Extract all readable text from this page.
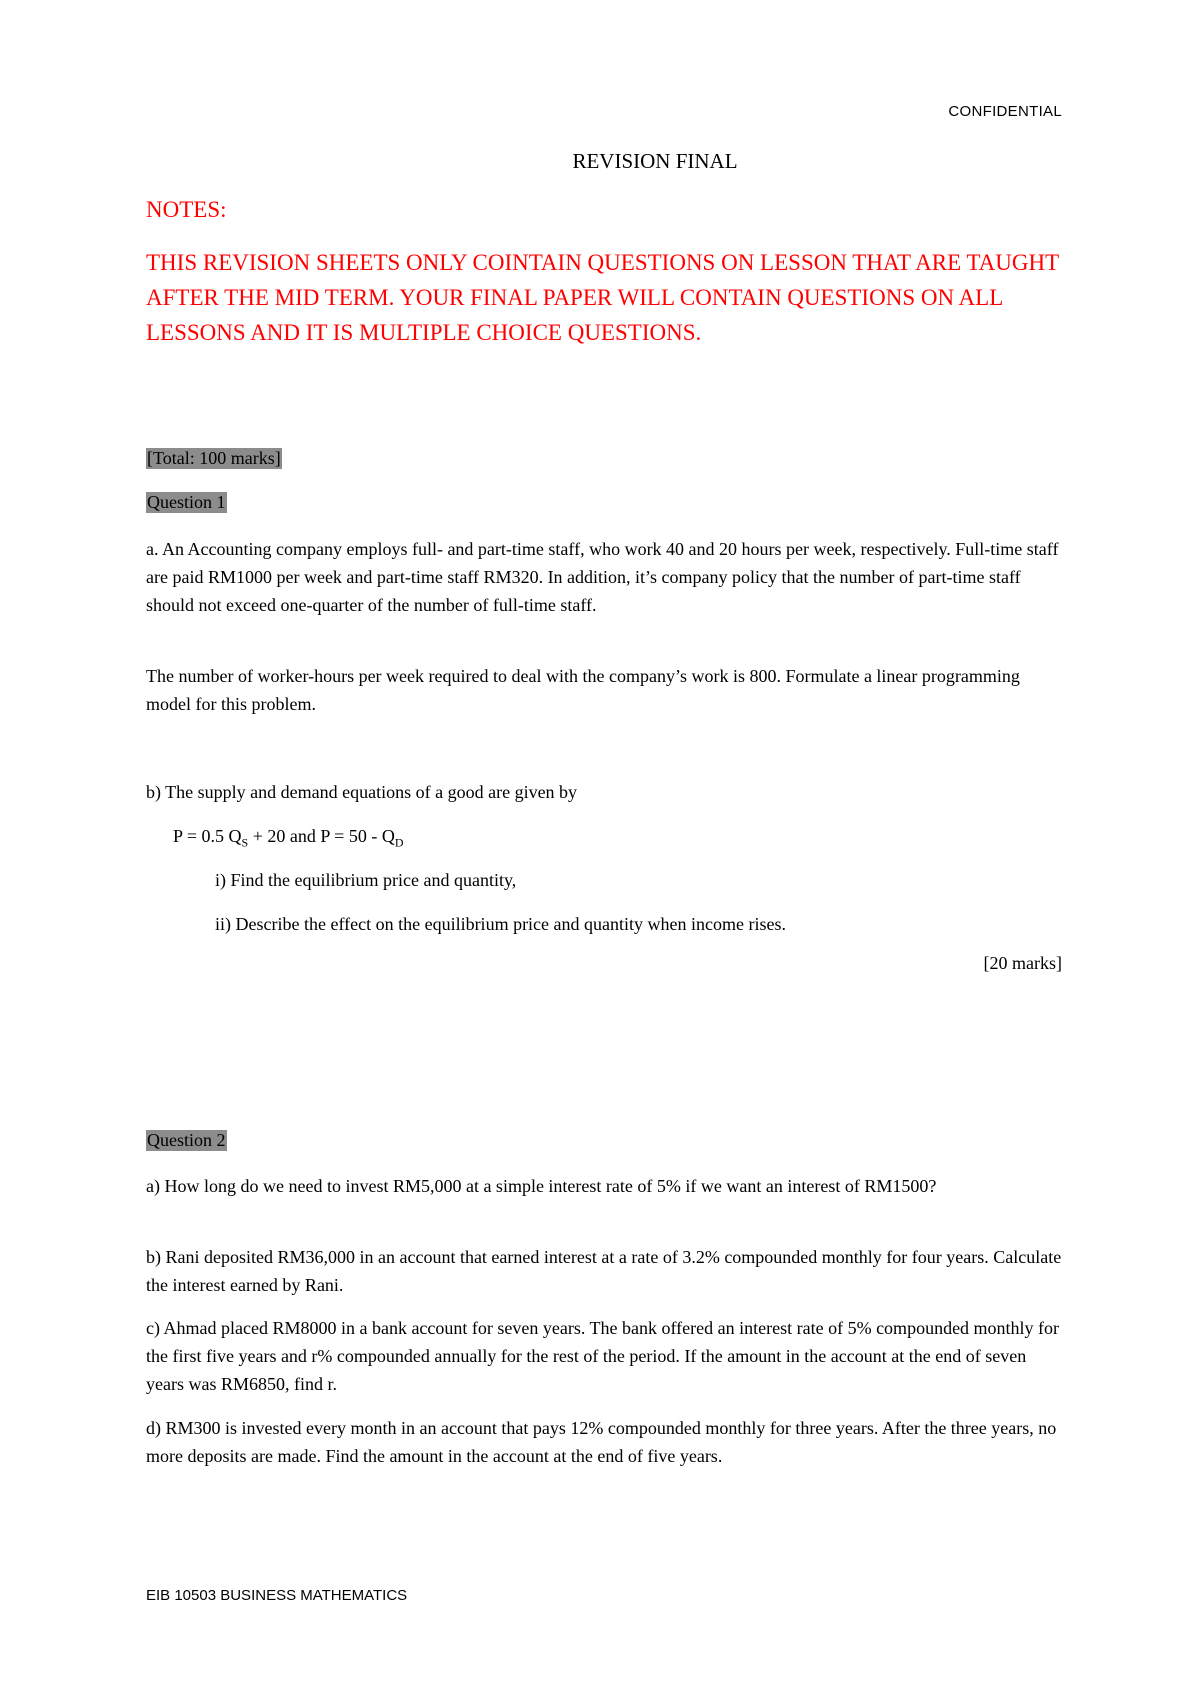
CONFIDENTIAL
REVISION FINAL
NOTES:
THIS REVISION SHEETS ONLY COINTAIN QUESTIONS ON LESSON THAT ARE TAUGHT AFTER THE MID TERM. YOUR FINAL PAPER WILL CONTAIN QUESTIONS ON ALL LESSONS AND IT IS MULTIPLE CHOICE QUESTIONS.
[Total: 100 marks]
Question 1
a. An Accounting company employs full- and part-time staff, who work 40 and 20 hours per week, respectively. Full-time staff are paid RM1000 per week and part-time staff RM320. In addition, it’s company policy that the number of part-time staff should not exceed one-quarter of the number of full-time staff.
The number of worker-hours per week required to deal with the company’s work is 800. Formulate a linear programming model for this problem.
b) The supply and demand equations of a good are given by
P = 0.5 $Q_S + 20$ and $P = 50 - Q_D$
i) Find the equilibrium price and quantity,
ii) Describe the effect on the equilibrium price and quantity when income rises.
[20 marks]
Question 2
a) How long do we need to invest RM5,000 at a simple interest rate of 5% if we want an interest of RM1500?
b) Rani deposited RM36,000 in an account that earned interest at a rate of 3.2% compounded monthly for four years. Calculate the interest earned by Rani.
c) Ahmad placed RM8000 in a bank account for seven years. The bank offered an interest rate of 5% compounded monthly for the first five years and r% compounded annually for the rest of the period. If the amount in the account at the end of seven years was RM6850, find r.
d) RM300 is invested every month in an account that pays 12% compounded monthly for three years. After the three years, no more deposits are made. Find the amount in the account at the end of five years.
EIB 10503 BUSINESS MATHEMATICS
